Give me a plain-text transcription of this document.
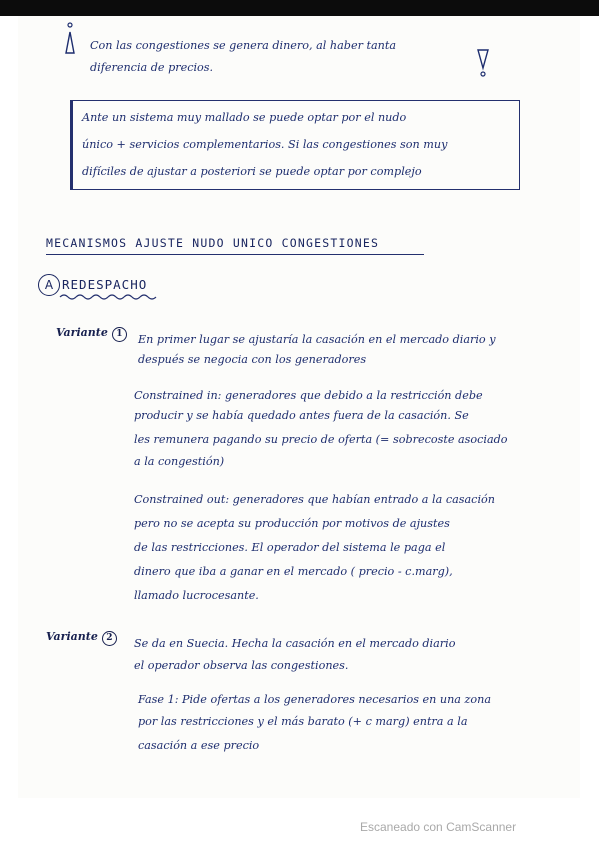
Con las congestiones se genera dinero, al haber tanta
diferencia de precios.
Ante un sistema muy mallado se puede optar por el nudo
único + servicios complementarios. Si las congestiones son muy
difíciles de ajustar a posteriori se puede optar por complejo
MECANISMOS AJUSTE NUDO UNICO CONGESTIONES
A REDESPACHO
Variante 1	En primer lugar se ajustaría la casación en el mercado diario y
después se negocia con los generadores
Constrained in: generadores que debido a la restricción debe
producir y se había quedado antes fuera de la casación. Se
les remunera pagando su precio de oferta (= sobrecoste asociado
a la congestión)
Constrained out: generadores que habían entrado a la casación
pero no se acepta su producción por motivos de ajustes
de las restricciones. El operador del sistema le paga el
dinero que iba a ganar en el mercado ( precio - c.marg),
llamado lucrocesante.
Variante 2	Se da en Suecia. Hecha la casación en el mercado diario
el operador observa las congestiones.
Fase 1: Pide ofertas a los generadores necesarios en una zona
por las restricciones y el más barato (+ c marg) entra a la
casación a ese precio
Escaneado con CamScanner
